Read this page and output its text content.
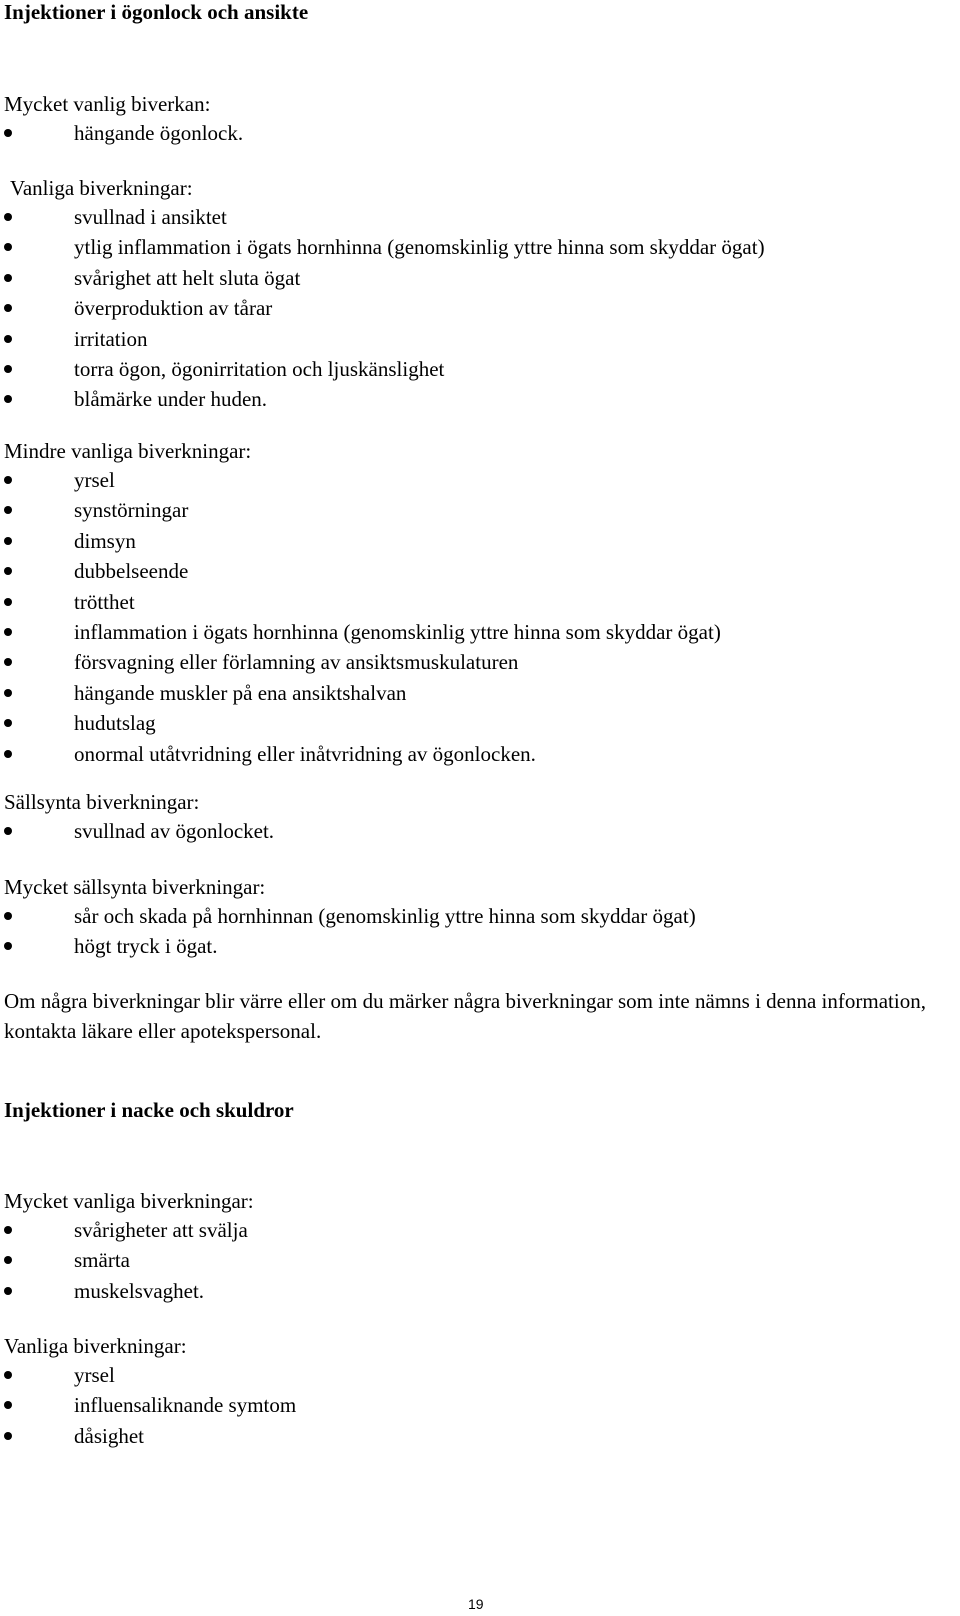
Injektioner i ögonlock och ansikte

Mycket vanlig biverkan:

hängande ögonlock.

Vanliga biverkningar:

svullnad i ansiktet
ytlig inflammation i ögats hornhinna (genomskinlig yttre hinna som skyddar ögat)
svårighet att helt sluta ögat
överproduktion av tårar
irritation
torra ögon, ögonirritation och ljuskänslighet
blåmärke under huden.

Mindre vanliga biverkningar:

yrsel
synstörningar
dimsyn
dubbelseende
trötthet
inflammation i ögats hornhinna (genomskinlig yttre hinna som skyddar ögat)
försvagning eller förlamning av ansiktsmuskulaturen
hängande muskler på ena ansiktshalvan
hudutslag
onormal utåtvridning eller inåtvridning av ögonlocken.

Sällsynta biverkningar:

svullnad av ögonlocket.

Mycket sällsynta biverkningar:

sår och skada på hornhinnan (genomskinlig yttre hinna som skyddar ögat)
högt tryck i ögat.

Om några biverkningar blir värre eller om du märker några biverkningar som inte nämns i denna information, kontakta läkare eller apotekspersonal.

Injektioner i nacke och skuldror

Mycket vanliga biverkningar:

svårigheter att svälja
smärta
muskelsvaghet.

Vanliga biverkningar:

yrsel
influensaliknande symtom
dåsighet
19
